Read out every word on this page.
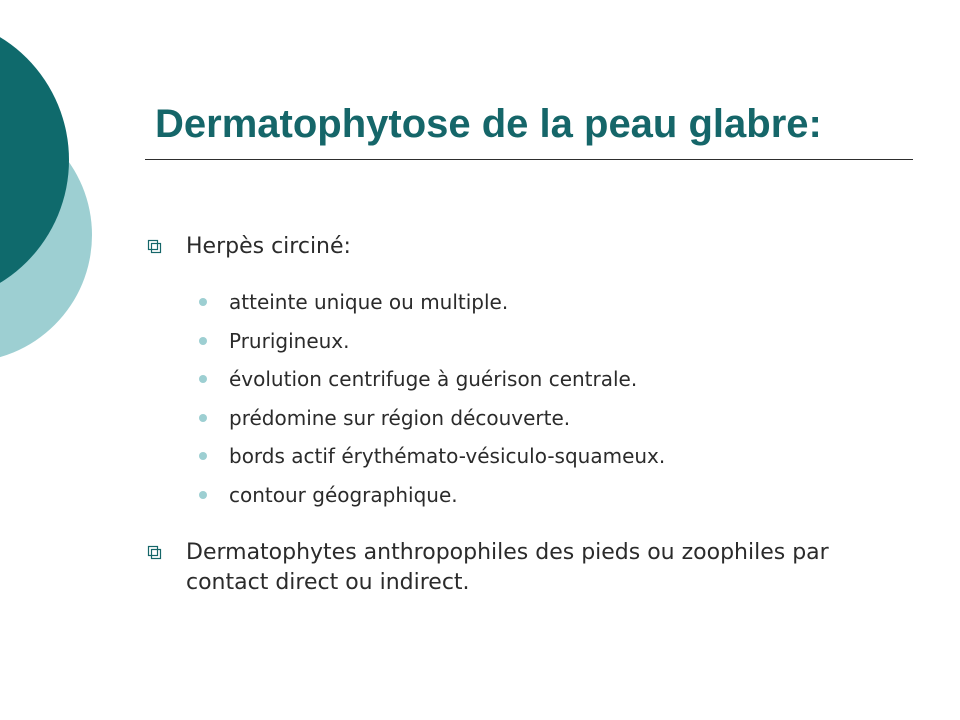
Dermatophytose de la peau glabre:
Herpès circiné:
atteinte unique ou multiple.
Prurigineux.
évolution centrifuge à guérison centrale.
prédomine sur région découverte.
bords actif érythémato-vésiculo-squameux.
contour géographique.
Dermatophytes anthropophiles des pieds ou zoophiles par contact direct ou indirect.
